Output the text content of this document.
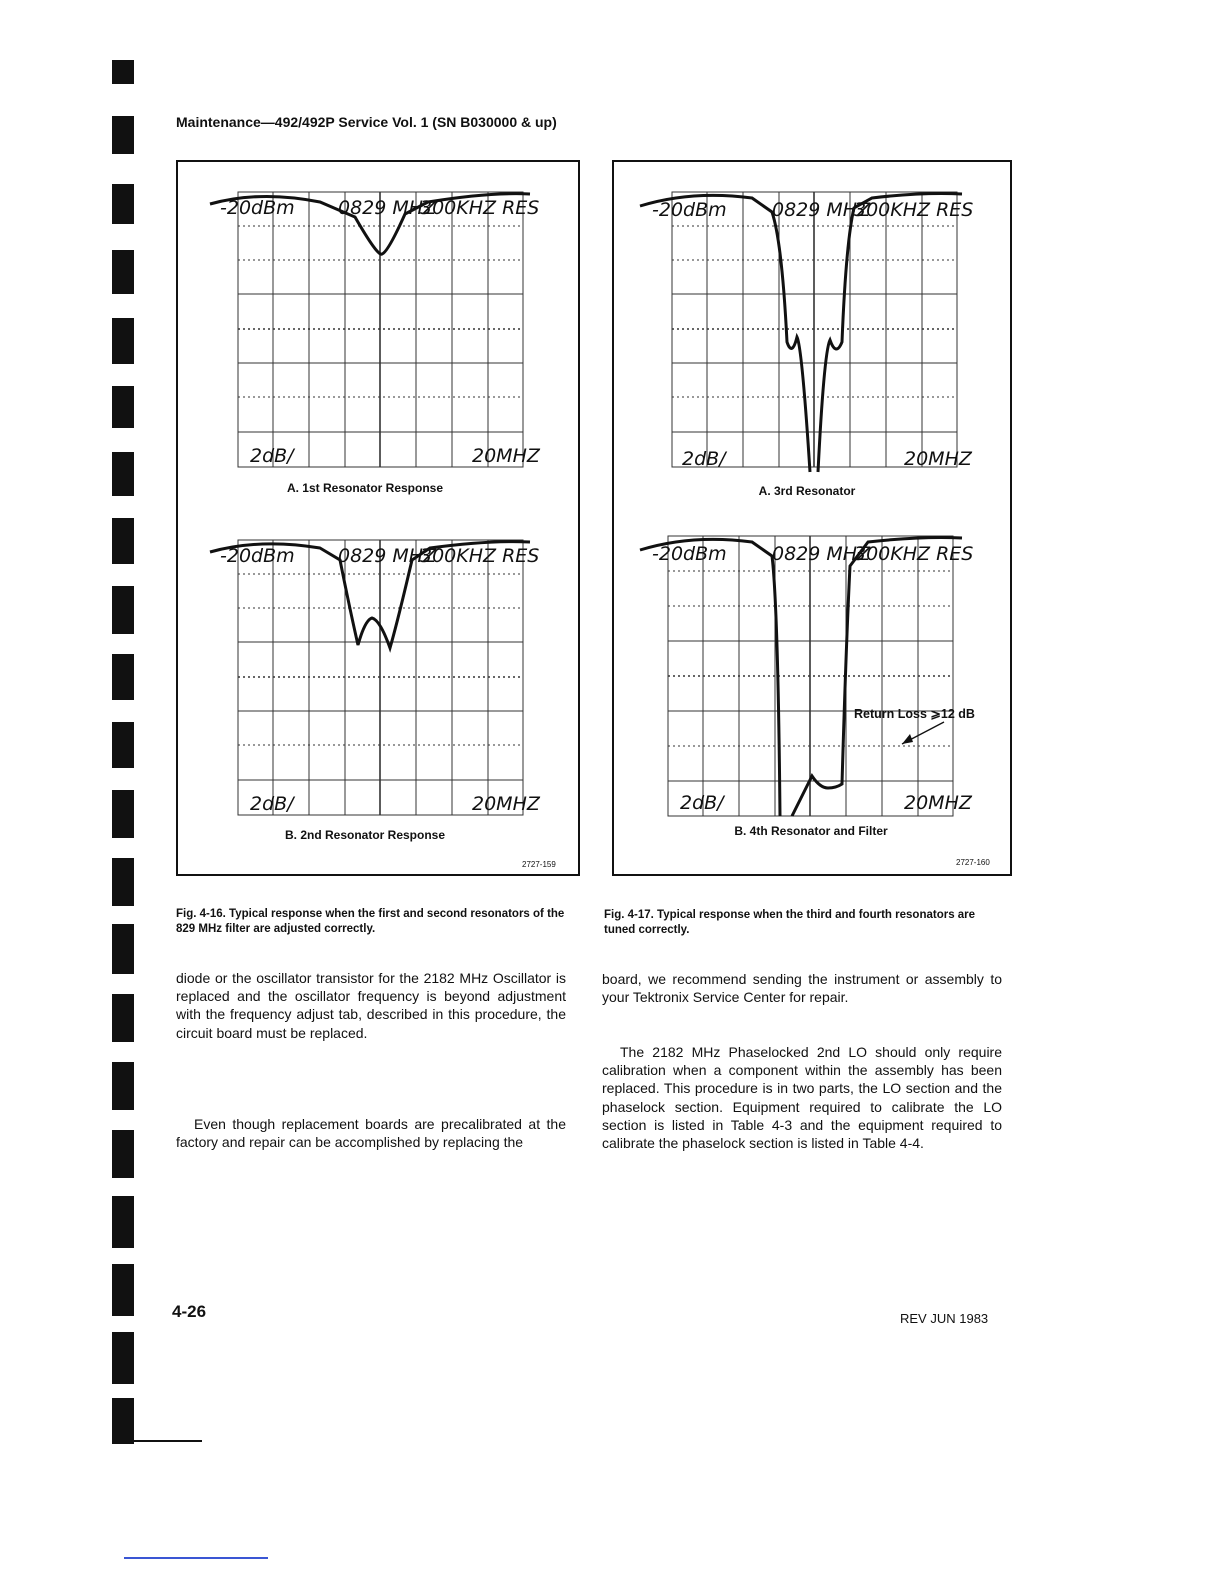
Maintenance—492/492P Service Vol. 1 (SN B030000 & up)
-20dBm 0829 MHZ
300KHZ RES
2dB/	20MHZ
A. 1st Resonator Response
-20dBm 0829 MHZ
300KHZ RES
2dB/	20MHZ
B. 2nd Resonator Response
2727-159
-20dBm 0829 MHZ
300KHZ RES
2dB/	20MHZ
A. 3rd Resonator
-20dBm 0829 MHZ
300KHZ RES
2dB/	20MHZ
Return Loss ⩾12 dB
B. 4th Resonator and Filter
2727-160
Fig. 4-16. Typical response when the first and second resonators of the 829 MHz filter are adjusted correctly.
Fig. 4-17. Typical response when the third and fourth resonators are tuned correctly.

diode or the oscillator transistor for the 2182 MHz Oscillator is replaced and the oscillator frequency is beyond adjustment with the frequency adjust tab, described in this procedure, the circuit board must be replaced.

Even though replacement boards are precalibrated at the factory and repair can be accomplished by replacing the

board, we recommend sending the instrument or assembly to your Tektronix Service Center for repair.

The 2182 MHz Phaselocked 2nd LO should only require calibration when a component within the assembly has been replaced. This procedure is in two parts, the LO section and the phaselock section. Equipment required to calibrate the LO section is listed in Table 4-3 and the equipment required to calibrate the phaselock section is listed in Table 4-4.

4-26	REV JUN 1983
